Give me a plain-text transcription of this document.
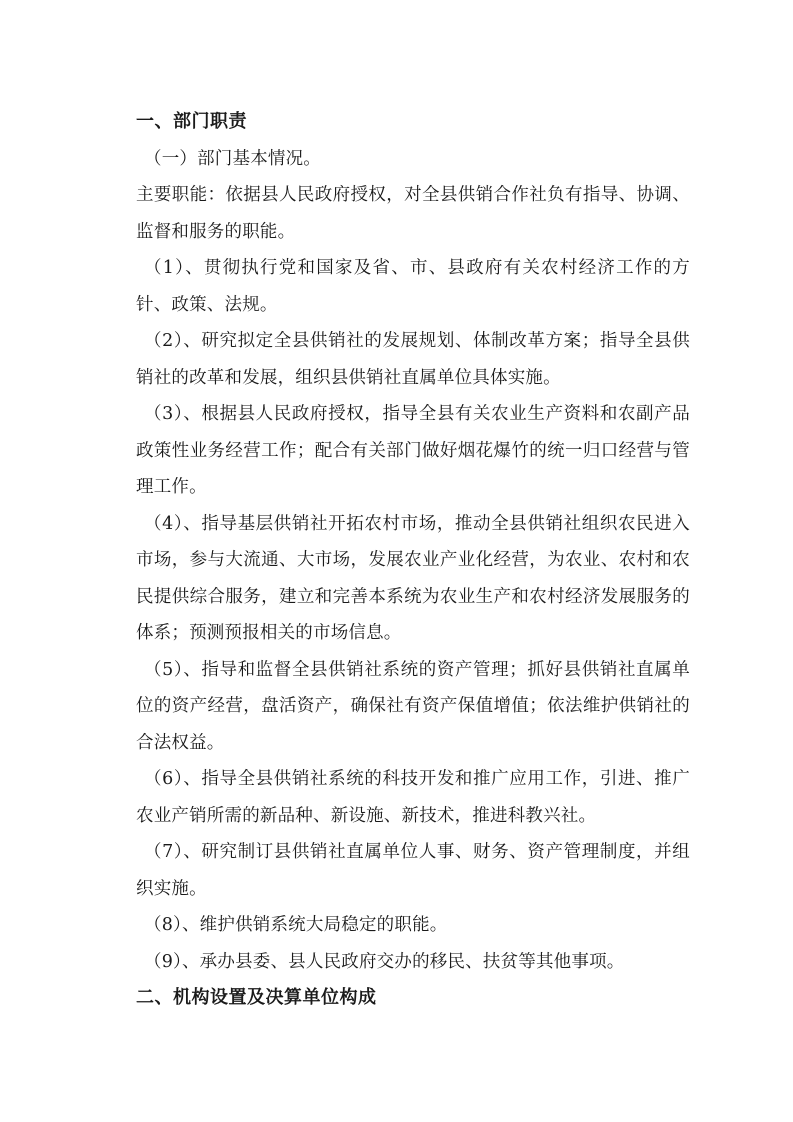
一、部门职责

（一）部门基本情况。

主要职能：依据县人民政府授权，对全县供销合作社负有指导、协调、监督和服务的职能。

（1）、贯彻执行党和国家及省、市、县政府有关农村经济工作的方针、政策、法规。

（2）、研究拟定全县供销社的发展规划、体制改革方案；指导全县供销社的改革和发展，组织县供销社直属单位具体实施。

（3）、根据县人民政府授权，指导全县有关农业生产资料和农副产品政策性业务经营工作；配合有关部门做好烟花爆竹的统一归口经营与管理工作。

（4）、指导基层供销社开拓农村市场，推动全县供销社组织农民进入市场，参与大流通、大市场，发展农业产业化经营，为农业、农村和农民提供综合服务，建立和完善本系统为农业生产和农村经济发展服务的体系；预测预报相关的市场信息。

（5）、指导和监督全县供销社系统的资产管理；抓好县供销社直属单位的资产经营，盘活资产，确保社有资产保值增值；依法维护供销社的合法权益。

（6）、指导全县供销社系统的科技开发和推广应用工作，引进、推广农业产销所需的新品种、新设施、新技术，推进科教兴社。

（7）、研究制订县供销社直属单位人事、财务、资产管理制度，并组织实施。

（8）、维护供销系统大局稳定的职能。

（9）、承办县委、县人民政府交办的移民、扶贫等其他事项。

二、机构设置及决算单位构成
